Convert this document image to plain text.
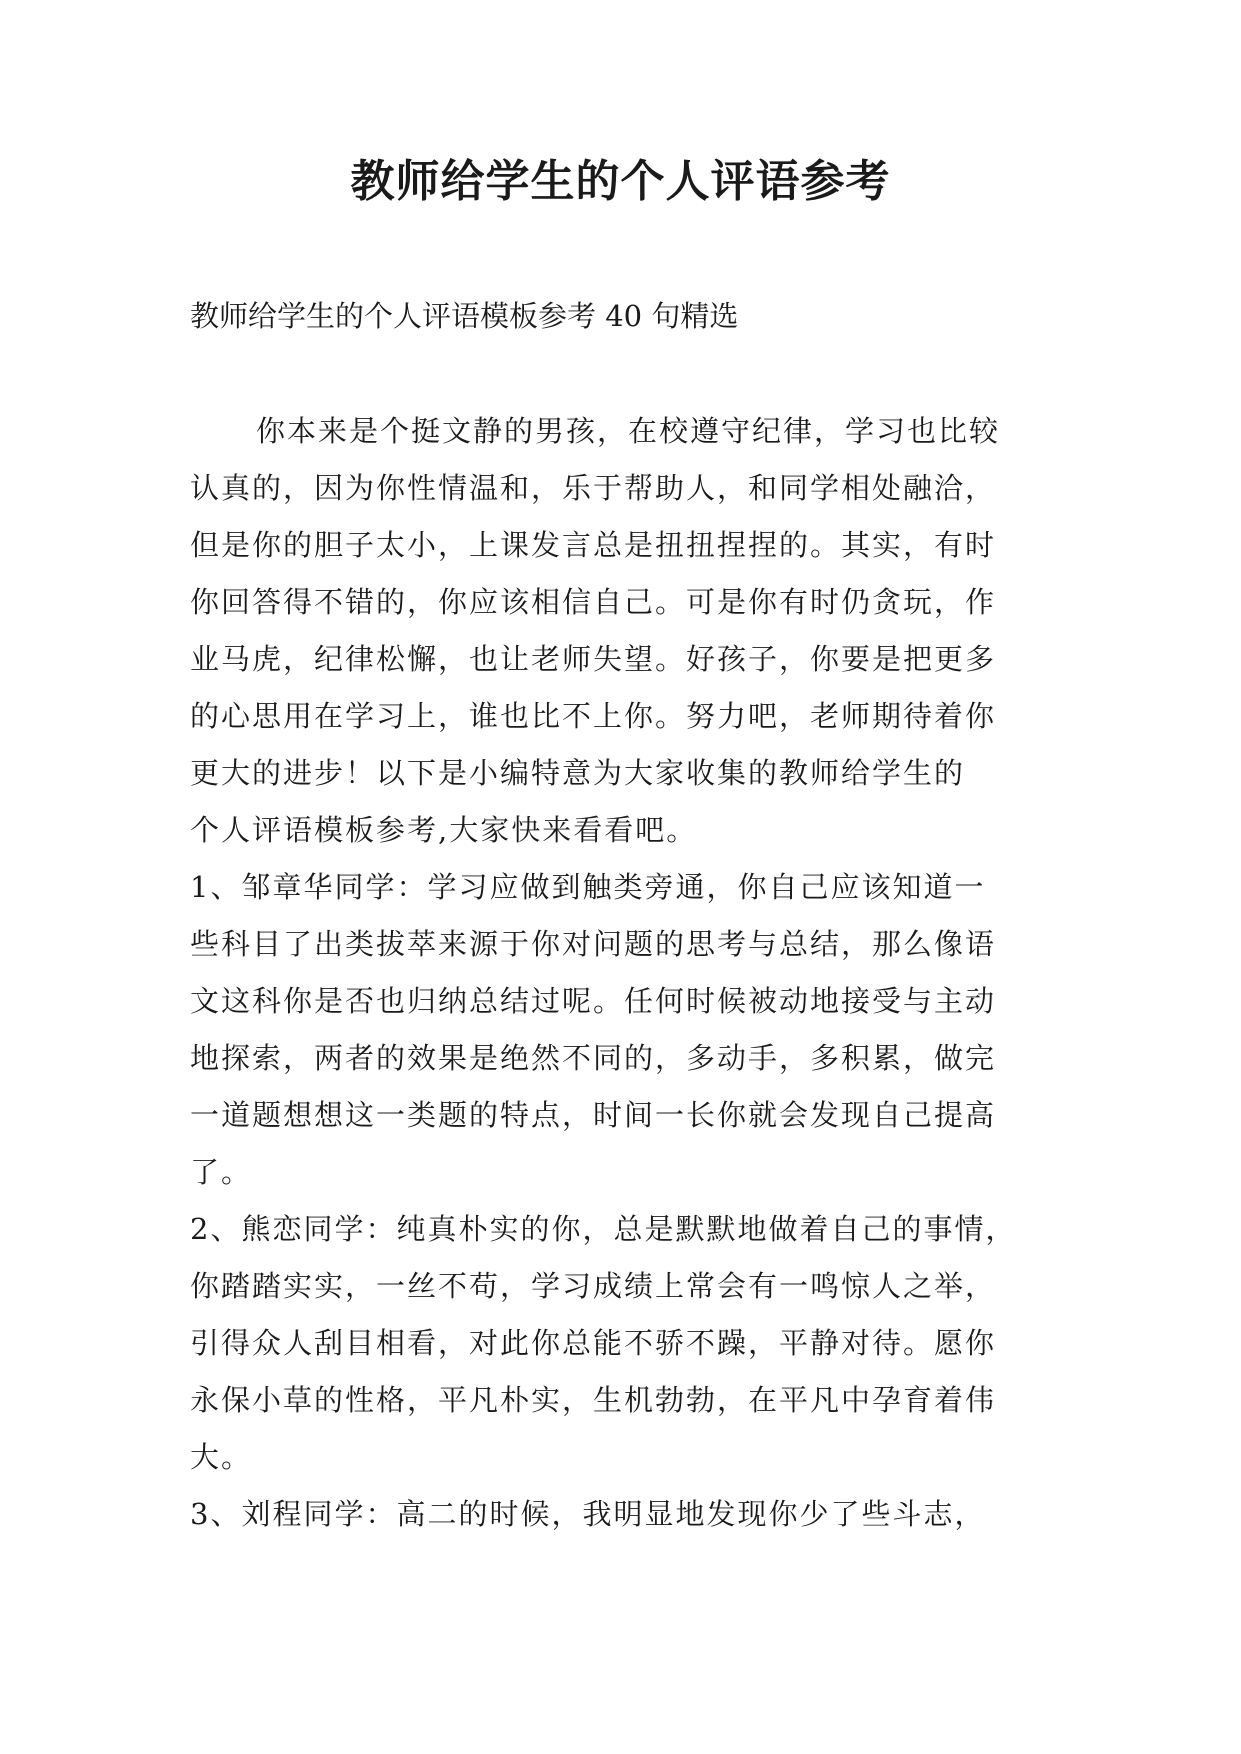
教师给学生的个人评语参考

教师给学生的个人评语模板参考 40 句精选

你本来是个挺文静的男孩，在校遵守纪律，学习也比较
认真的，因为你性情温和，乐于帮助人，和同学相处融洽，
但是你的胆子太小，上课发言总是扭扭捏捏的。其实，有时
你回答得不错的，你应该相信自己。可是你有时仍贪玩，作
业马虎，纪律松懈，也让老师失望。好孩子，你要是把更多
的心思用在学习上，谁也比不上你。努力吧，老师期待着你
更大的进步！以下是小编特意为大家收集的教师给学生的
个人评语模板参考,大家快来看看吧。
1、邹章华同学：学习应做到触类旁通，你自己应该知道一
些科目了出类拔萃来源于你对问题的思考与总结，那么像语
文这科你是否也归纳总结过呢。任何时候被动地接受与主动
地探索，两者的效果是绝然不同的，多动手，多积累，做完
一道题想想这一类题的特点，时间一长你就会发现自己提高
了。
2、熊恋同学：纯真朴实的你，总是默默地做着自己的事情，
你踏踏实实，一丝不苟，学习成绩上常会有一鸣惊人之举，
引得众人刮目相看，对此你总能不骄不躁，平静对待。愿你
永保小草的性格，平凡朴实，生机勃勃，在平凡中孕育着伟
大。
3、刘程同学：高二的时候，我明显地发现你少了些斗志，
